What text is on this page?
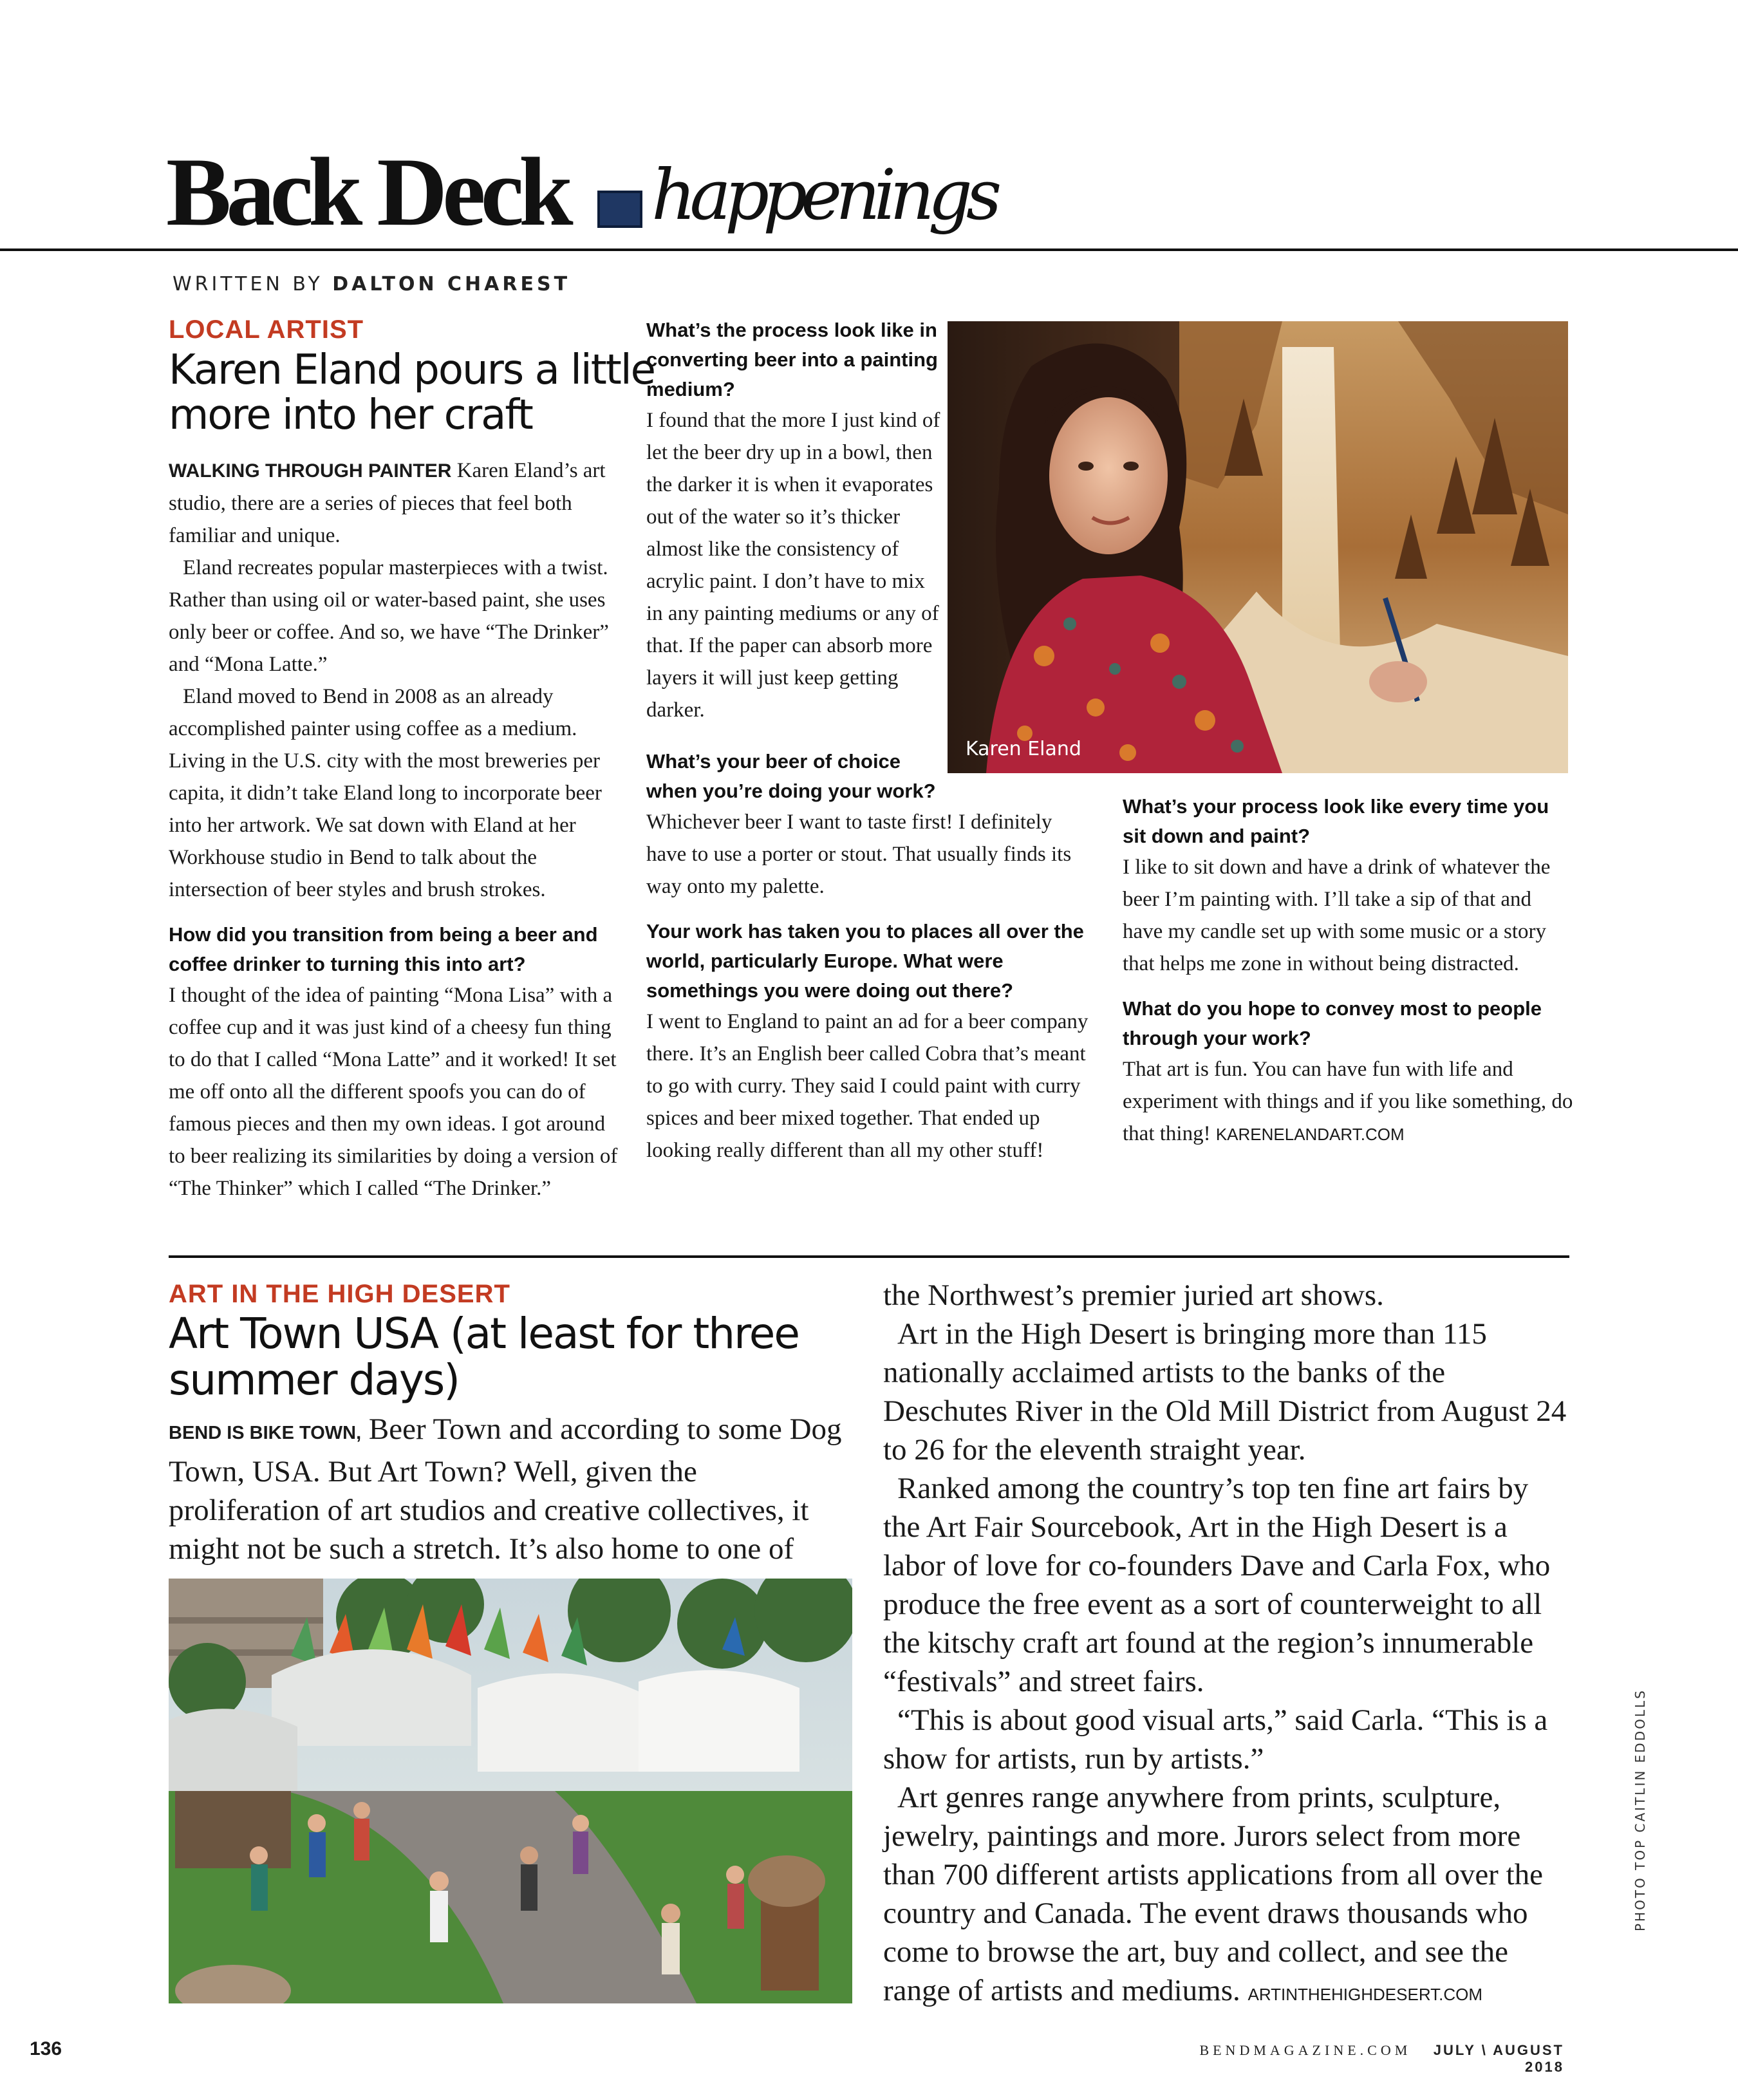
Back Deck happenings
WRITTEN BY DALTON CHAREST
LOCAL ARTIST
Karen Eland pours a little
more into her craft

WALKING THROUGH PAINTER Karen Eland’s art studio, there are a series of pieces that feel both familiar and unique.

Eland recreates popular masterpieces with a twist. Rather than using oil or water-based paint, she uses only beer or coffee. And so, we have “The Drinker” and “Mona Latte.”

Eland moved to Bend in 2008 as an already accomplished painter using coffee as a medium. Living in the U.S. city with the most breweries per capita, it didn’t take Eland long to incorporate beer into her artwork. We sat down with Eland at her Workhouse studio in Bend to talk about the intersection of beer styles and brush strokes.

How did you transition from being a beer and coffee drinker to turning this into art?

I thought of the idea of painting “Mona Lisa” with a coffee cup and it was just kind of a cheesy fun thing to do that I called “Mona Latte” and it worked! It set me off onto all the different spoofs you can do of famous pieces and then my own ideas. I got around to beer realizing its similarities by doing a version of “The Thinker” which I called “The Drinker.”

What’s the process look like in converting beer into a painting medium?

I found that the more I just kind of let the beer dry up in a bowl, then the darker it is when it evaporates out of the water so it’s thicker almost like the consistency of acrylic paint. I don’t have to mix in any painting mediums or any of that. If the paper can absorb more layers it will just keep getting darker.

What’s your beer of choice when you’re doing your work?

Whichever beer I want to taste first! I definitely have to use a porter or stout. That usually finds its way onto my palette.

Your work has taken you to places all over the world, particularly Europe. What were somethings you were doing out there?

I went to England to paint an ad for a beer company there. It’s an English beer called Cobra that’s meant to go with curry. They said I could paint with curry spices and beer mixed together. That ended up looking really different than all my other stuff!

Karen Eland

What’s your process look like every time you sit down and paint?

I like to sit down and have a drink of whatever the beer I’m painting with. I’ll take a sip of that and have my candle set up with some music or a story that helps me zone in without being distracted.

What do you hope to convey most to people through your work?

That art is fun. You can have fun with life and experiment with things and if you like something, do that thing! KARENELANDART.COM

ART IN THE HIGH DESERT
Art Town USA (at least for three
summer days)

BEND IS BIKE TOWN, Beer Town and according to some Dog Town, USA. But Art Town? Well, given the proliferation of art studios and creative collectives, it might not be such a stretch. It’s also home to one of

the Northwest’s premier juried art shows.

Art in the High Desert is bringing more than 115 nationally acclaimed artists to the banks of the Deschutes River in the Old Mill District from August 24 to 26 for the eleventh straight year.

Ranked among the country’s top ten fine art fairs by the Art Fair Sourcebook, Art in the High Desert is a labor of love for co-founders Dave and Carla Fox, who produce the free event as a sort of counterweight to all the kitschy craft art found at the region’s innumerable “festivals” and street fairs.

“This is about good visual arts,” said Carla. “This is a show for artists, run by artists.”

Art genres range anywhere from prints, sculpture, jewelry, paintings and more. Jurors select from more than 700 different artists applications from all over the country and Canada. The event draws thousands who come to browse the art, buy and collect, and see the range of artists and mediums. ARTINTHEHIGHDESERT.COM

PHOTO TOP CAITLIN EDDOLLS
136	BENDMAGAZINE.COM JULY \ AUGUST 2018
